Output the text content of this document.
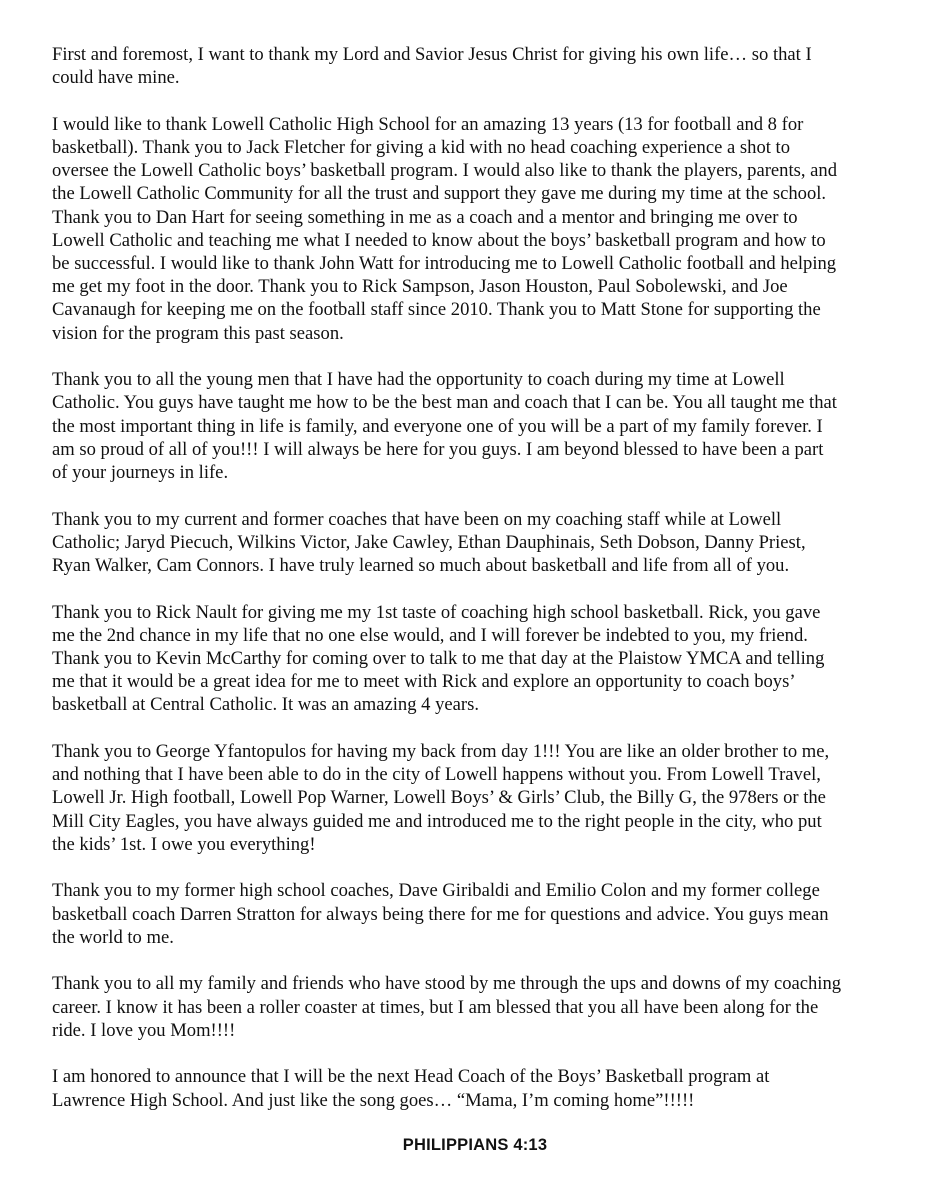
First and foremost, I want to thank my Lord and Savior Jesus Christ for giving his own life… so that I
could have mine.

I would like to thank Lowell Catholic High School for an amazing 13 years (13 for football and 8 for
basketball). Thank you to Jack Fletcher for giving a kid with no head coaching experience a shot to
oversee the Lowell Catholic boys’ basketball program. I would also like to thank the players, parents, and
the Lowell Catholic Community for all the trust and support they gave me during my time at the school.
Thank you to Dan Hart for seeing something in me as a coach and a mentor and bringing me over to
Lowell Catholic and teaching me what I needed to know about the boys’ basketball program and how to
be successful. I would like to thank John Watt for introducing me to Lowell Catholic football and helping
me get my foot in the door. Thank you to Rick Sampson, Jason Houston, Paul Sobolewski, and Joe
Cavanaugh for keeping me on the football staff since 2010. Thank you to Matt Stone for supporting the
vision for the program this past season.

Thank you to all the young men that I have had the opportunity to coach during my time at Lowell
Catholic. You guys have taught me how to be the best man and coach that I can be. You all taught me that
the most important thing in life is family, and everyone one of you will be a part of my family forever. I
am so proud of all of you!!! I will always be here for you guys. I am beyond blessed to have been a part
of your journeys in life.

Thank you to my current and former coaches that have been on my coaching staff while at Lowell
Catholic; Jaryd Piecuch, Wilkins Victor, Jake Cawley, Ethan Dauphinais, Seth Dobson, Danny Priest,
Ryan Walker, Cam Connors. I have truly learned so much about basketball and life from all of you.

Thank you to Rick Nault for giving me my 1st taste of coaching high school basketball. Rick, you gave
me the 2nd chance in my life that no one else would, and I will forever be indebted to you, my friend.
Thank you to Kevin McCarthy for coming over to talk to me that day at the Plaistow YMCA and telling
me that it would be a great idea for me to meet with Rick and explore an opportunity to coach boys’
basketball at Central Catholic. It was an amazing 4 years.

Thank you to George Yfantopulos for having my back from day 1!!! You are like an older brother to me,
and nothing that I have been able to do in the city of Lowell happens without you. From Lowell Travel,
Lowell Jr. High football, Lowell Pop Warner, Lowell Boys’ & Girls’ Club, the Billy G, the 978ers or the
Mill City Eagles, you have always guided me and introduced me to the right people in the city, who put
the kids’ 1st. I owe you everything!

Thank you to my former high school coaches, Dave Giribaldi and Emilio Colon and my former college
basketball coach Darren Stratton for always being there for me for questions and advice. You guys mean
the world to me.

Thank you to all my family and friends who have stood by me through the ups and downs of my coaching
career. I know it has been a roller coaster at times, but I am blessed that you all have been along for the
ride. I love you Mom!!!!

I am honored to announce that I will be the next Head Coach of the Boys’ Basketball program at
Lawrence High School. And just like the song goes… “Mama, I’m coming home”!!!!!

PHILIPPIANS 4:13
